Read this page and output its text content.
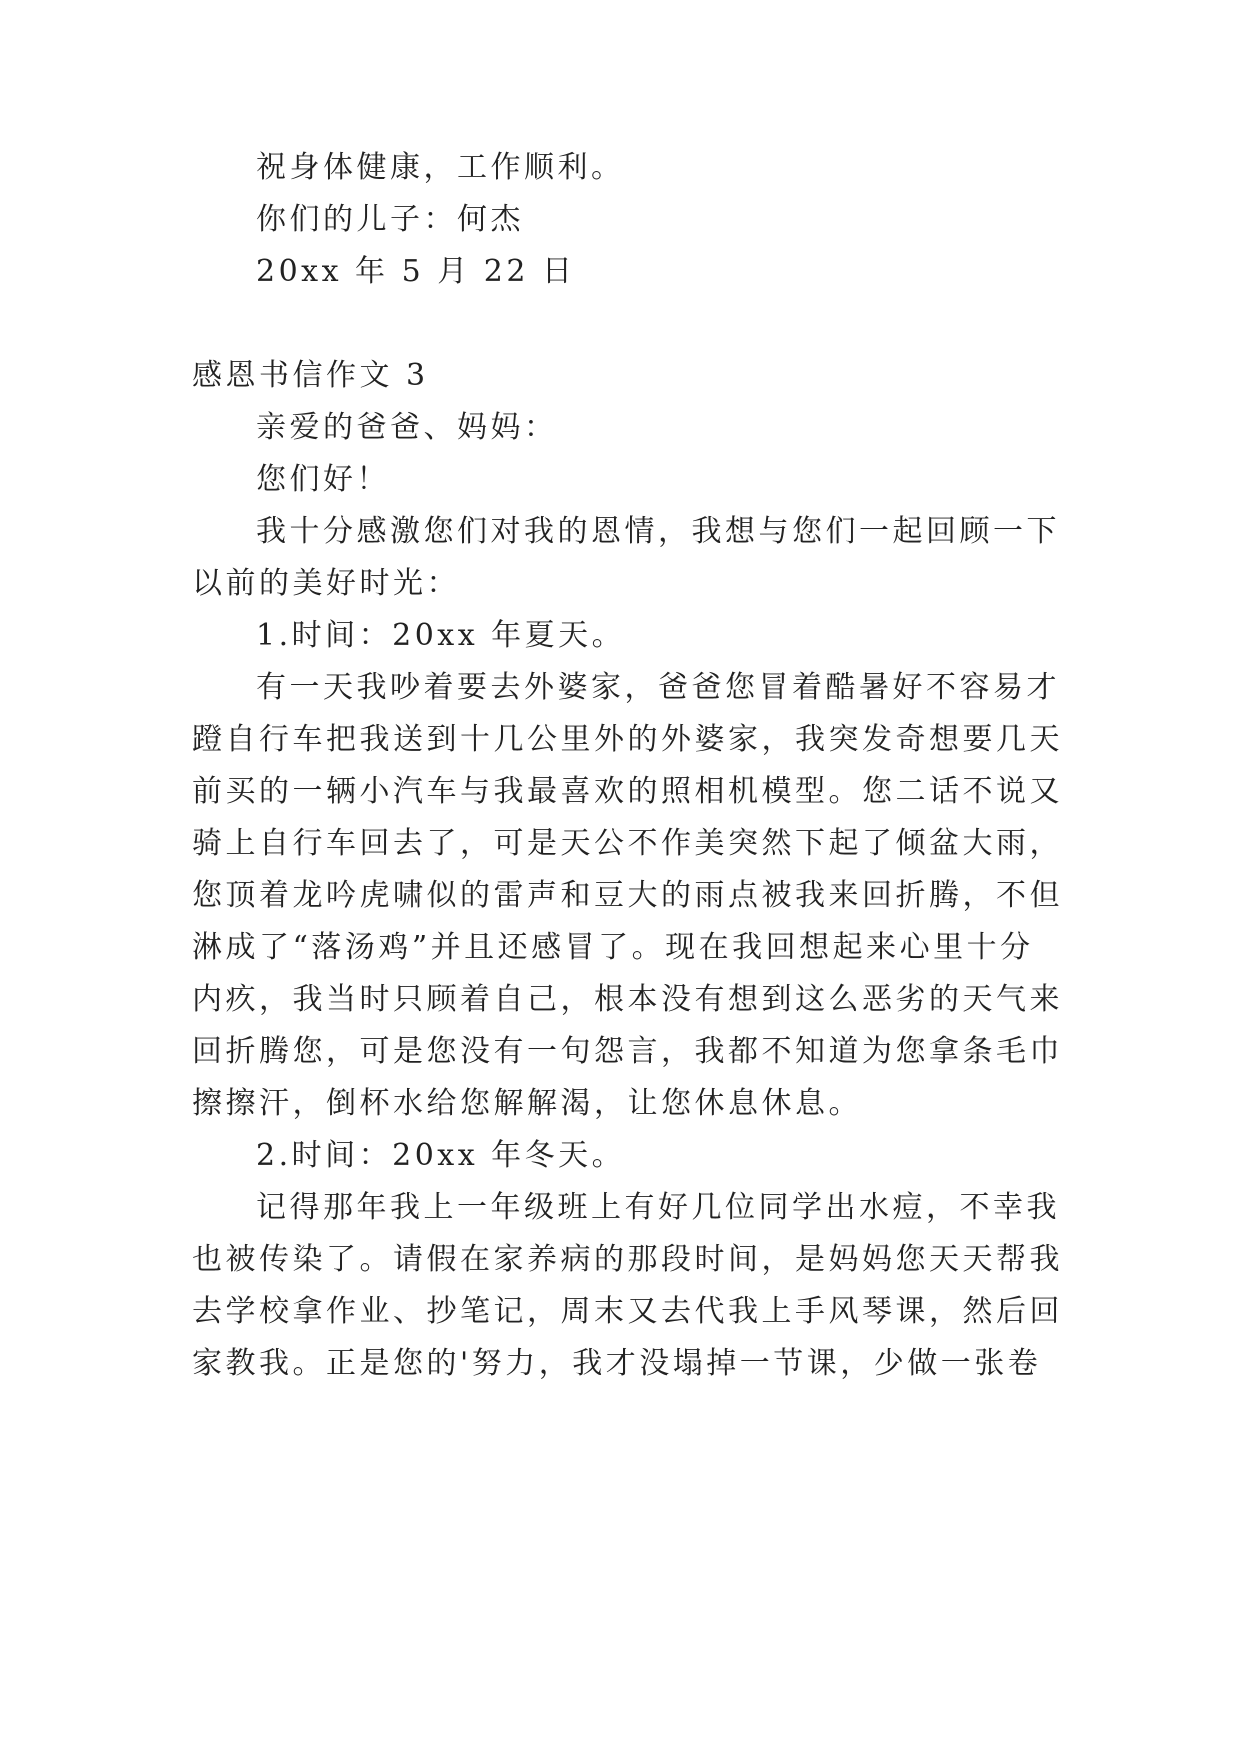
祝身体健康，工作顺利。
你们的儿子：何杰
20xx 年 5 月 22 日
感恩书信作文 3
亲爱的爸爸、妈妈：
您们好！
我十分感激您们对我的恩情，我想与您们一起回顾一下
以前的美好时光：
1.时间：20xx 年夏天。
有一天我吵着要去外婆家，爸爸您冒着酷暑好不容易才
蹬自行车把我送到十几公里外的外婆家，我突发奇想要几天
前买的一辆小汽车与我最喜欢的照相机模型。您二话不说又
骑上自行车回去了，可是天公不作美突然下起了倾盆大雨，
您顶着龙吟虎啸似的雷声和豆大的雨点被我来回折腾，不但
淋成了“落汤鸡”并且还感冒了。现在我回想起来心里十分
内疚，我当时只顾着自己，根本没有想到这么恶劣的天气来
回折腾您，可是您没有一句怨言，我都不知道为您拿条毛巾
擦擦汗，倒杯水给您解解渴，让您休息休息。
2.时间：20xx 年冬天。
记得那年我上一年级班上有好几位同学出水痘，不幸我
也被传染了。请假在家养病的那段时间，是妈妈您天天帮我
去学校拿作业、抄笔记，周末又去代我上手风琴课，然后回
家教我。正是您的'努力，我才没塌掉一节课，少做一张卷
